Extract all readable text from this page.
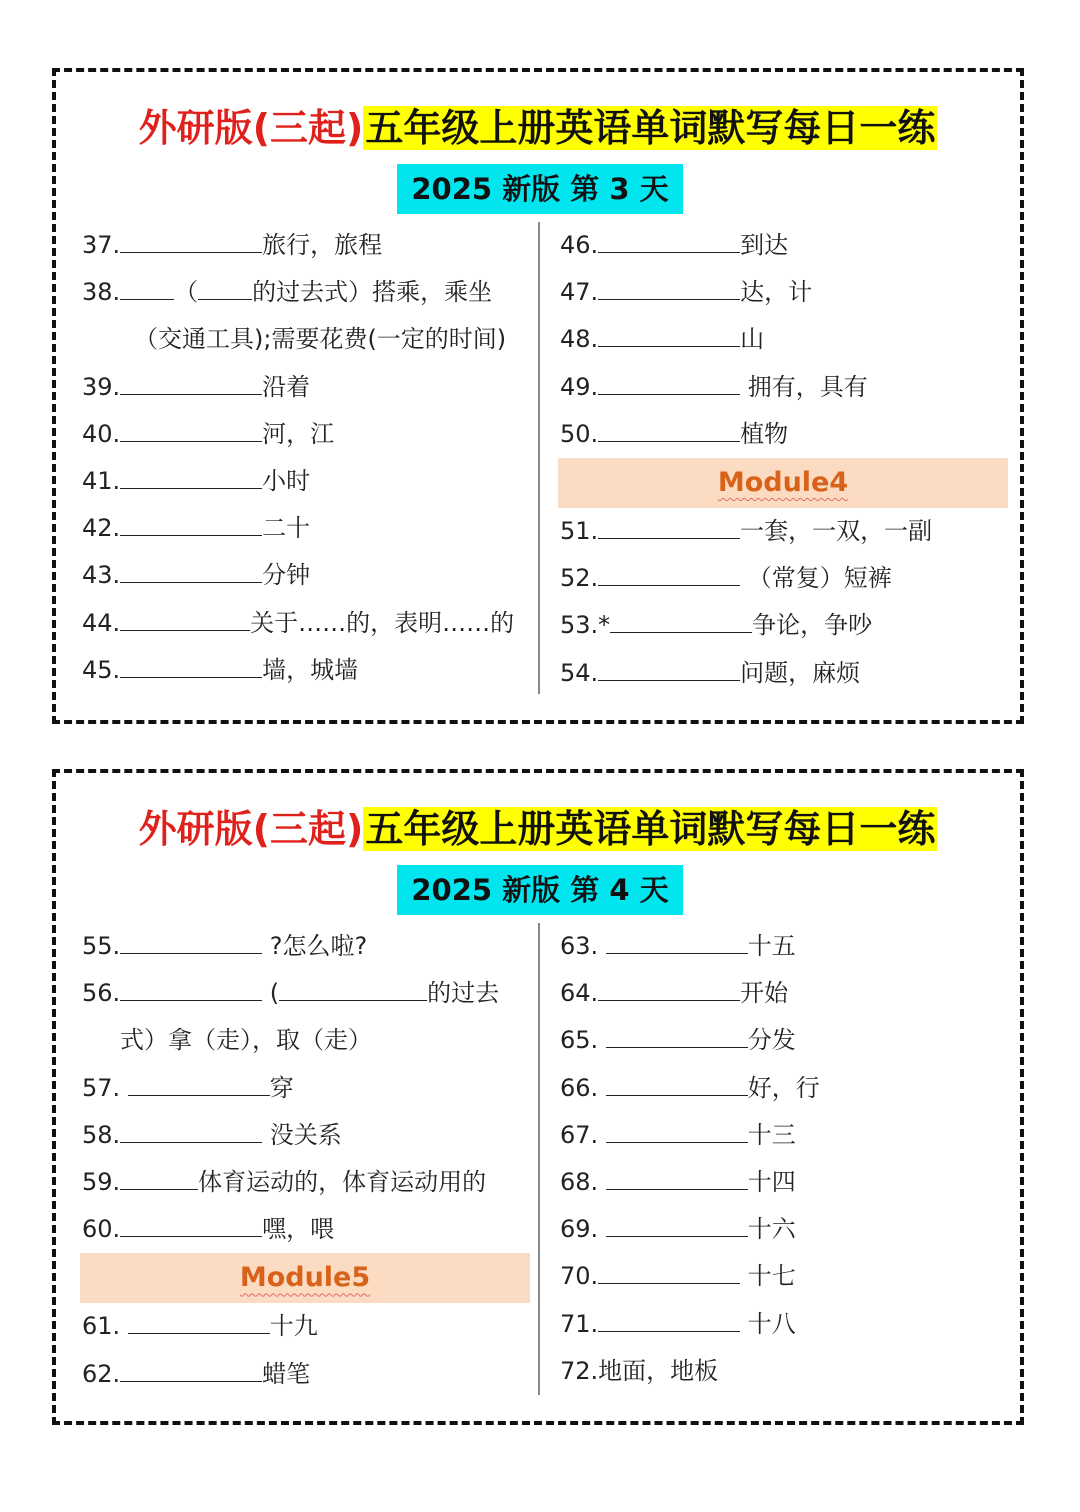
外研版(三起)五年级上册英语单词默写每日一练
2025 新版 第 3 天
37.	旅行，旅程
38. （ 的过去式）搭乘，乘坐
（交通工具);需要花费(一定的时间)
39.	沿着
40.	河，江
41.	小时
42.	二十
43.	分钟
44.	关于……的，表明……的
45.	墙，城墙
46.	到达
47.	达，计
48.	山
49.	拥有，具有
50.	植物
Module4
51.	一套，一双，一副
52.	（常复）短裤
53.*	争论，争吵
54.	问题，麻烦
外研版(三起)五年级上册英语单词默写每日一练
2025 新版 第 4 天
55.	?怎么啦?
56.	(	的过去
式）拿（走），取（走）
57.	穿
58.	没关系
59.	体育运动的，体育运动用的
60.	嘿，喂
Module5
61.	十九
62.	蜡笔
63.	十五
64.	开始
65.	分发
66.	好，行
67.	十三
68.	十四
69.	十六
70.	十七
71.	十八
72.地面，地板
